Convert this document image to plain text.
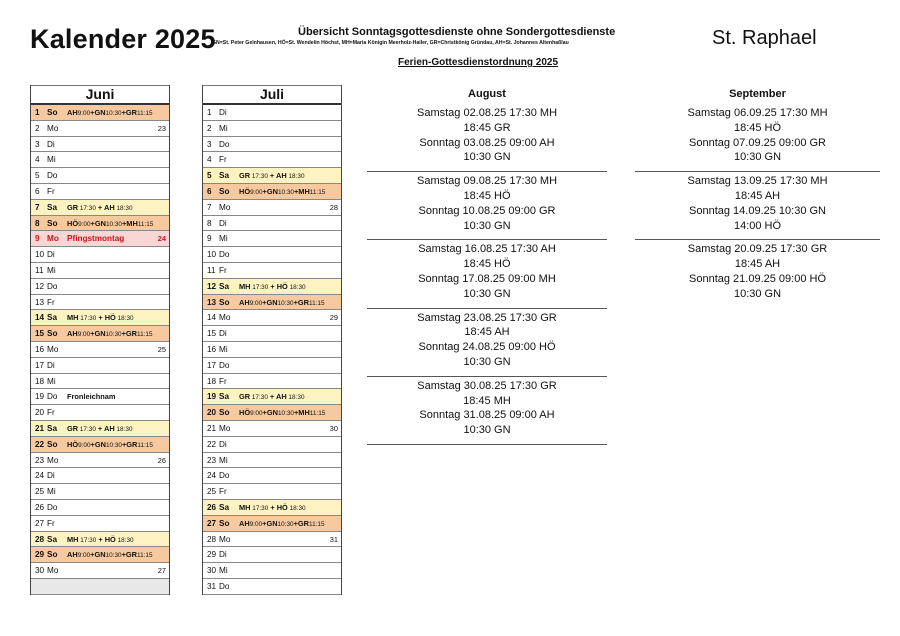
Kalender 2025	Übersicht Sonntagsgottesdienste ohne Sondergottesdienste
GN=St. Peter Gelnhausen, HÖ=St. Wendelin Höchst, MH=Maria Königin Meerholz-Hailer, GR=Christkönig Gründau, AH=St. Johannes Altenhaßlau	St. Raphael
Ferien-Gottesdienstordnung 2025
Juni
1 So AH9:00+GN10:30+GR11:15
2 Mo	23
3 Di
4 Mi
5 Do
6 Fr
7 Sa GR 17:30 + AH 18:30
8 So HÖ9:00+GN10:30+MH11:15
9 Mo Pfingstmontag	24
10 Di
11 Mi
12 Do
13 Fr
14 Sa MH 17:30 + HÖ 18:30
15 So AH9:00+GN10:30+GR11:15
16 Mo	25
17 Di
18 Mi
19 Do Fronleichnam
20 Fr
21 Sa GR 17:30 + AH 18:30
22 So HÖ9:00+GN10:30+GR11:15
23 Mo	26
24 Di
25 Mi
26 Do
27 Fr
28 Sa MH 17:30 + HÖ 18:30
29 So AH9:00+GN10:30+GR11:15
30 Mo	27
Juli
1 Di
2 Mi
3 Do
4 Fr
5 Sa GR 17:30 + AH 18:30
6 So HÖ9:00+GN10:30+MH11:15
7 Mo	28
8 Di
9 Mi
10 Do
11 Fr
12 Sa MH 17:30 + HÖ 18:30
13 So AH9:00+GN10:30+GR11:15
14 Mo	29
15 Di
16 Mi
17 Do
18 Fr
19 Sa GR 17:30 + AH 18:30
20 So HÖ9:00+GN10:30+MH11:15
21 Mo	30
22 Di
23 Mi
24 Do
25 Fr
26 Sa MH 17:30 + HÖ 18:30
27 So AH9:00+GN10:30+GR11:15
28 Mo	31
29 Di
30 Mi
31 Do
August
Samstag 02.08.25 17:30 MH
18:45 GR
Sonntag 03.08.25 09:00 AH
10:30 GN
Samstag 09.08.25 17:30 MH
18:45 HÖ
Sonntag 10.08.25 09:00 GR
10:30 GN
Samstag 16.08.25 17:30 AH
18:45 HÖ
Sonntag 17.08.25 09:00 MH
10:30 GN
Samstag 23.08.25 17:30 GR
18:45 AH
Sonntag 24.08.25 09:00 HÖ
10:30 GN
Samstag 30.08.25 17:30 GR
18:45 MH
Sonntag 31.08.25 09:00 AH
10:30 GN
September
Samstag 06.09.25 17:30 MH
18:45 HÖ
Sonntag 07.09.25 09:00 GR
10:30 GN
Samstag 13.09.25 17:30 MH
18:45 AH
Sonntag 14.09.25 10:30 GN
14:00 HÖ
Samstag 20.09.25 17:30 GR
18:45 AH
Sonntag 21.09.25 09:00 HÖ
10:30 GN
